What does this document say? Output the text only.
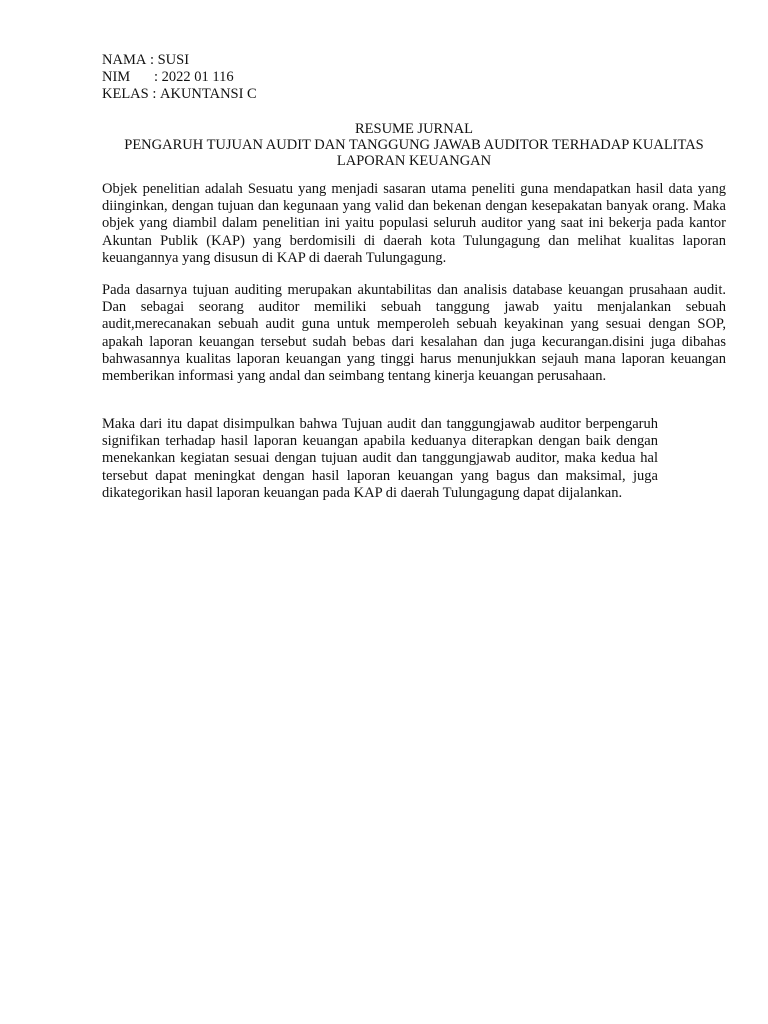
NAMA : SUSI
NIM	: 2022 01 116
KELAS : AKUNTANSI C
RESUME JURNAL
PENGARUH TUJUAN AUDIT DAN TANGGUNG JAWAB AUDITOR TERHADAP KUALITAS LAPORAN KEUANGAN

Objek penelitian adalah Sesuatu yang menjadi sasaran utama peneliti guna mendapatkan hasil data yang diinginkan, dengan tujuan dan kegunaan yang valid dan bekenan dengan kesepakatan banyak orang. Maka objek yang diambil dalam penelitian ini yaitu populasi seluruh auditor yang saat ini bekerja pada kantor Akuntan Publik (KAP) yang berdomisili di daerah kota Tulungagung dan melihat kualitas laporan keuangannya yang disusun di KAP di daerah Tulungagung.

Pada dasarnya tujuan auditing merupakan akuntabilitas dan analisis database keuangan prusahaan audit. Dan sebagai seorang auditor memiliki sebuah tanggung jawab yaitu menjalankan sebuah audit,merecanakan sebuah audit guna untuk memperoleh sebuah keyakinan yang sesuai dengan SOP, apakah laporan keuangan tersebut sudah bebas dari kesalahan dan juga kecurangan.disini juga dibahas bahwasannya kualitas laporan keuangan yang tinggi harus menunjukkan sejauh mana laporan keuangan memberikan informasi yang andal dan seimbang tentang kinerja keuangan perusahaan.

Maka dari itu dapat disimpulkan bahwa Tujuan audit dan tanggungjawab auditor berpengaruh signifikan terhadap hasil laporan keuangan apabila keduanya diterapkan dengan baik dengan menekankan kegiatan sesuai dengan tujuan audit dan tanggungjawab auditor, maka kedua hal tersebut dapat meningkat dengan hasil laporan keuangan yang bagus dan maksimal, juga dikategorikan hasil laporan keuangan pada KAP di daerah Tulungagung dapat dijalankan.
